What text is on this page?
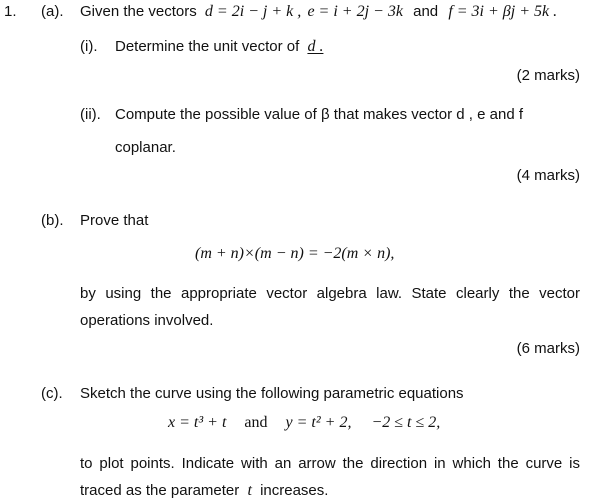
1. (a). Given the vectors d = 2i − j + k , e = i + 2j − 3k and f = 3i + βj + 5k .
(i). Determine the unit vector of d .
(2 marks)
(ii). Compute the possible value of β that makes vector d , e and f
coplanar.
(4 marks)
(b). Prove that
(m + n)×(m − n) = −2(m × n),
by using the appropriate vector algebra law. State clearly the vector
operations involved.
(6 marks)
(c). Sketch the curve using the following parametric equations
x = t³ + t and y = t² + 2, −2 ≤ t ≤ 2,
to plot points. Indicate with an arrow the direction in which the curve is
traced as the parameter t increases.
